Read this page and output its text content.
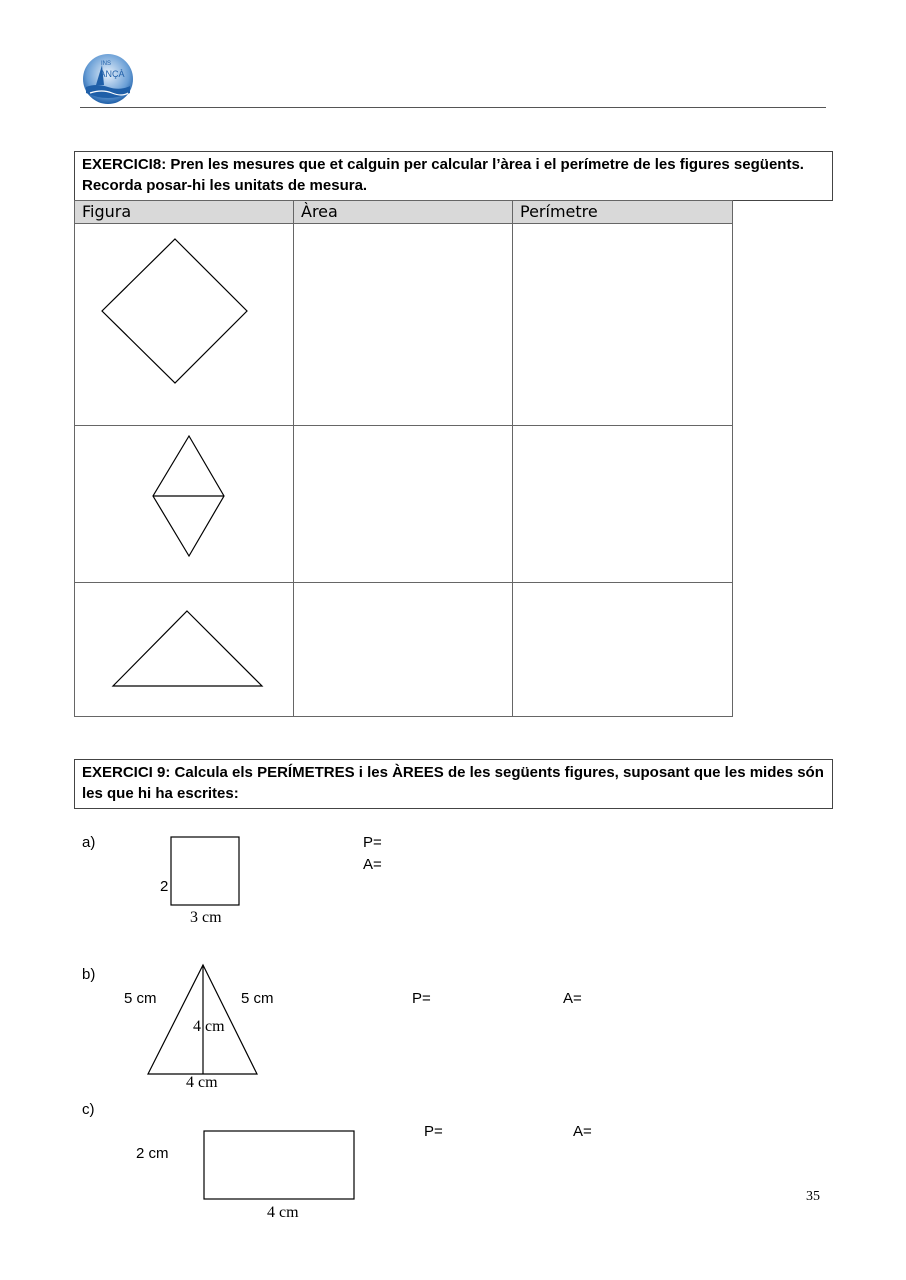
INS
ANÇÀ
EXERCICI8: Pren les mesures que et calguin per calcular l’àrea i el perímetre de les figures següents. Recorda posar-hi les unitats de mesura.
Figura	Àrea	Perímetre

EXERCICI 9: Calcula els PERÍMETRES i les ÀREES de les següents figures, suposant que les mides són les que hi ha escrites:
a)
2
3 cm
P=
A=
b)
5 cm	5 cm
4 cm
4 cm
P=	A=
c)
2 cm
4 cm
P=	A=
35
